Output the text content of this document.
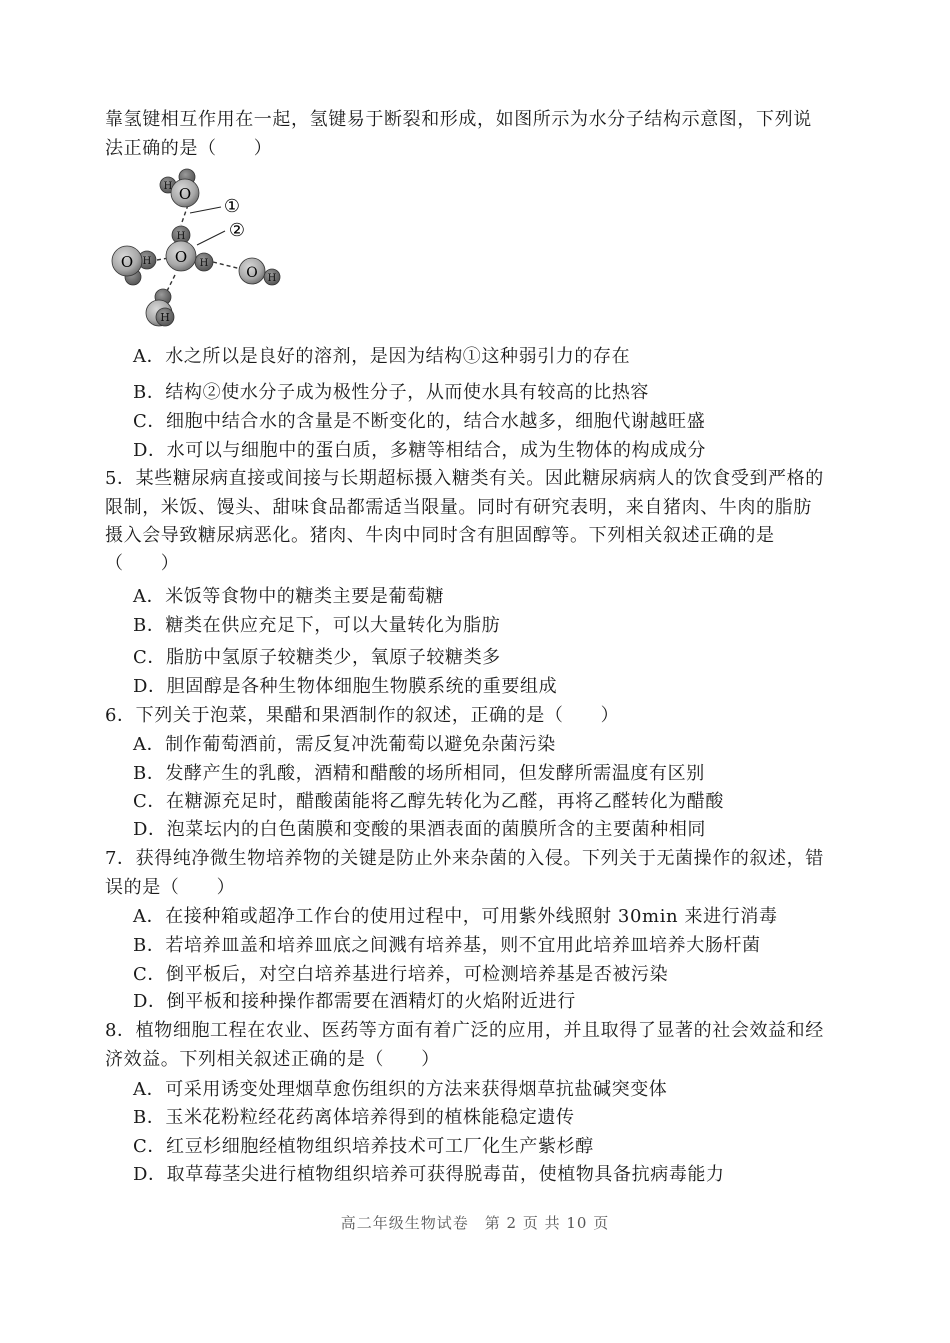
靠氢键相互作用在一起，氢键易于断裂和形成，如图所示为水分子结构示意图，下列说
法正确的是（　　）
O
H
O
H
H
O H
O H
H
①
②
A．水之所以是良好的溶剂，是因为结构①这种弱引力的存在
B．结构②使水分子成为极性分子，从而使水具有较高的比热容
C．细胞中结合水的含量是不断变化的，结合水越多，细胞代谢越旺盛
D．水可以与细胞中的蛋白质，多糖等相结合，成为生物体的构成成分
5．某些糖尿病直接或间接与长期超标摄入糖类有关。因此糖尿病病人的饮食受到严格的
限制，米饭、馒头、甜味食品都需适当限量。同时有研究表明，来自猪肉、牛肉的脂肪
摄入会导致糖尿病恶化。猪肉、牛肉中同时含有胆固醇等。下列相关叙述正确的是
（　　）
A．米饭等食物中的糖类主要是葡萄糖
B．糖类在供应充足下，可以大量转化为脂肪
C．脂肪中氢原子较糖类少，氧原子较糖类多
D．胆固醇是各种生物体细胞生物膜系统的重要组成
6．下列关于泡菜，果醋和果酒制作的叙述，正确的是（　　）
A．制作葡萄酒前，需反复冲洗葡萄以避免杂菌污染
B．发酵产生的乳酸，酒精和醋酸的场所相同，但发酵所需温度有区别
C．在糖源充足时，醋酸菌能将乙醇先转化为乙醛，再将乙醛转化为醋酸
D．泡菜坛内的白色菌膜和变酸的果酒表面的菌膜所含的主要菌种相同
7．获得纯净微生物培养物的关键是防止外来杂菌的入侵。下列关于无菌操作的叙述，错
误的是（　　）
A．在接种箱或超净工作台的使用过程中，可用紫外线照射 30min 来进行消毒
B．若培养皿盖和培养皿底之间溅有培养基，则不宜用此培养皿培养大肠杆菌
C．倒平板后，对空白培养基进行培养，可检测培养基是否被污染
D．倒平板和接种操作都需要在酒精灯的火焰附近进行
8．植物细胞工程在农业、医药等方面有着广泛的应用，并且取得了显著的社会效益和经
济效益。下列相关叙述正确的是（　　）
A．可采用诱变处理烟草愈伤组织的方法来获得烟草抗盐碱突变体
B．玉米花粉粒经花药离体培养得到的植株能稳定遗传
C．红豆杉细胞经植物组织培养技术可工厂化生产紫杉醇
D．取草莓茎尖进行植物组织培养可获得脱毒苗，使植物具备抗病毒能力
高二年级生物试卷　第 2 页 共 10 页
